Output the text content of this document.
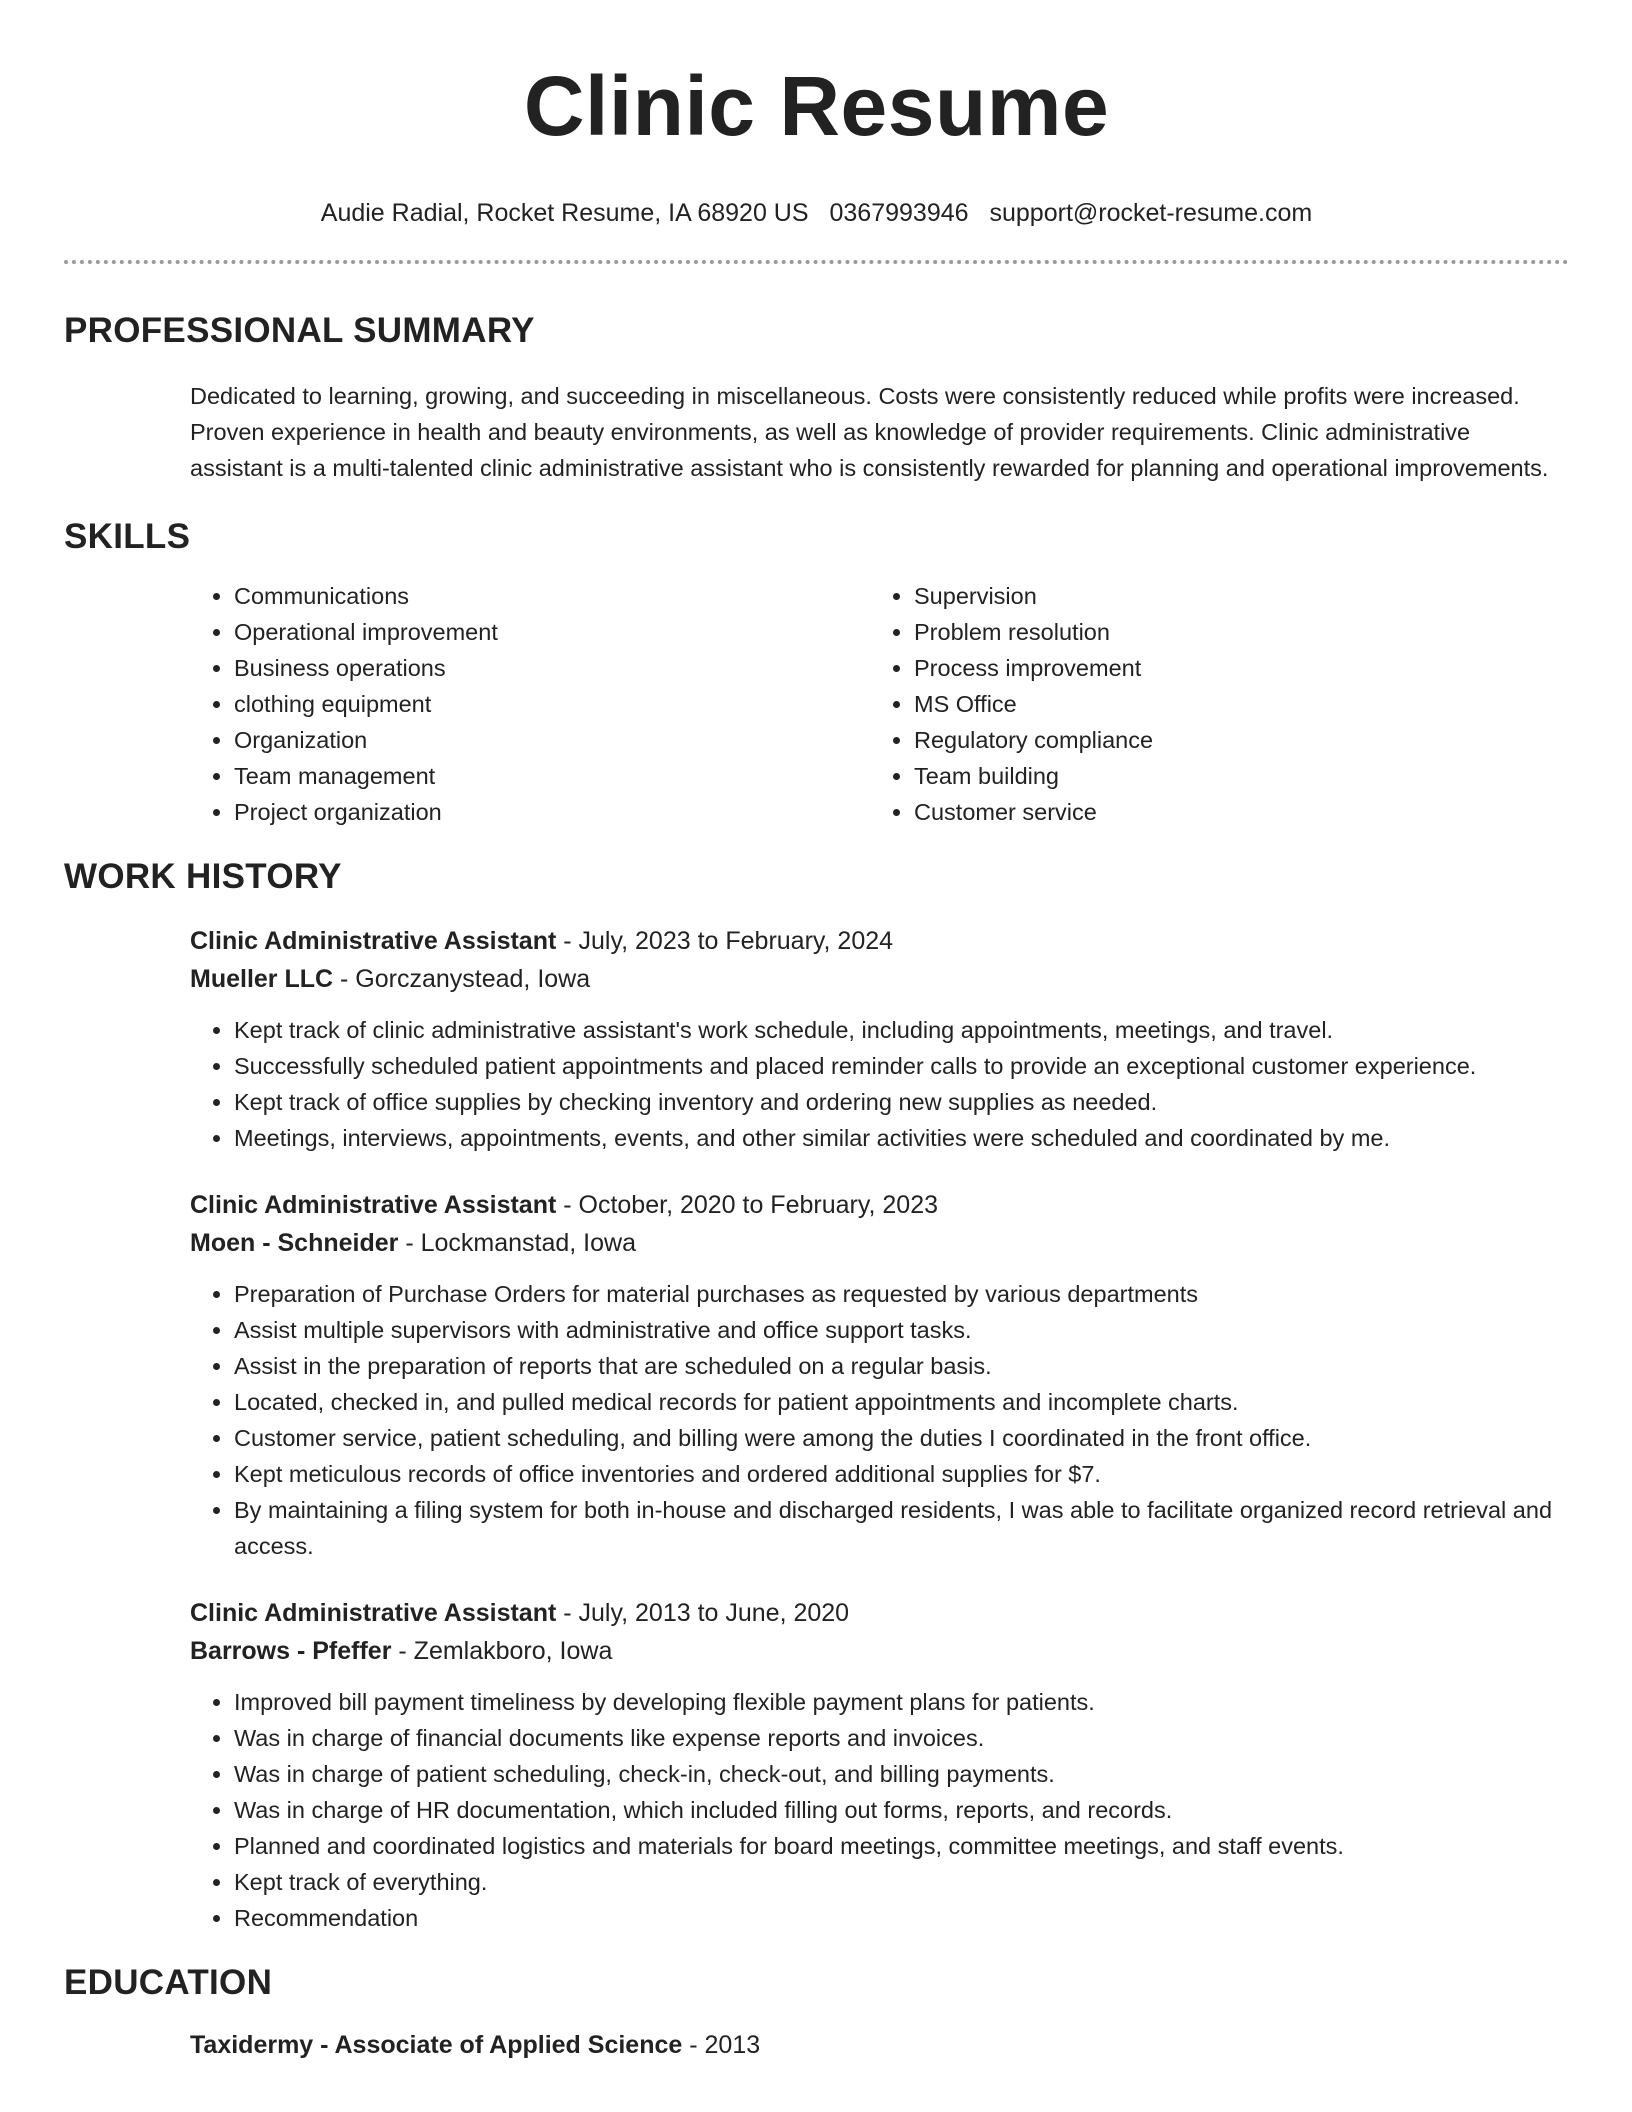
Clinic Resume
Audie Radial, Rocket Resume, IA 68920 US 0367993946 support@rocket-resume.com
PROFESSIONAL SUMMARY

Dedicated to learning, growing, and succeeding in miscellaneous. Costs were consistently reduced while profits were increased. Proven experience in health and beauty environments, as well as knowledge of provider requirements. Clinic administrative assistant is a multi-talented clinic administrative assistant who is consistently rewarded for planning and operational improvements.

SKILLS
• Communications
• Operational improvement
• Business operations
• clothing equipment
• Organization
• Team management
• Project organization
• Supervision
• Problem resolution
• Process improvement
• MS Office
• Regulatory compliance
• Team building
• Customer service
WORK HISTORY
Clinic Administrative Assistant - July, 2023 to February, 2024
Mueller LLC - Gorczanystead, Iowa
• Kept track of clinic administrative assistant's work schedule, including appointments, meetings, and travel.
• Successfully scheduled patient appointments and placed reminder calls to provide an exceptional customer experience.
• Kept track of office supplies by checking inventory and ordering new supplies as needed.
• Meetings, interviews, appointments, events, and other similar activities were scheduled and coordinated by me.
Clinic Administrative Assistant - October, 2020 to February, 2023
Moen - Schneider - Lockmanstad, Iowa
• Preparation of Purchase Orders for material purchases as requested by various departments
• Assist multiple supervisors with administrative and office support tasks.
• Assist in the preparation of reports that are scheduled on a regular basis.
• Located, checked in, and pulled medical records for patient appointments and incomplete charts.
• Customer service, patient scheduling, and billing were among the duties I coordinated in the front office.
• Kept meticulous records of office inventories and ordered additional supplies for $7.
• By maintaining a filing system for both in-house and discharged residents, I was able to facilitate organized record retrieval and access.
Clinic Administrative Assistant - July, 2013 to June, 2020
Barrows - Pfeffer - Zemlakboro, Iowa
• Improved bill payment timeliness by developing flexible payment plans for patients.
• Was in charge of financial documents like expense reports and invoices.
• Was in charge of patient scheduling, check-in, check-out, and billing payments.
• Was in charge of HR documentation, which included filling out forms, reports, and records.
• Planned and coordinated logistics and materials for board meetings, committee meetings, and staff events.
• Kept track of everything.
• Recommendation
EDUCATION
Taxidermy - Associate of Applied Science - 2013
